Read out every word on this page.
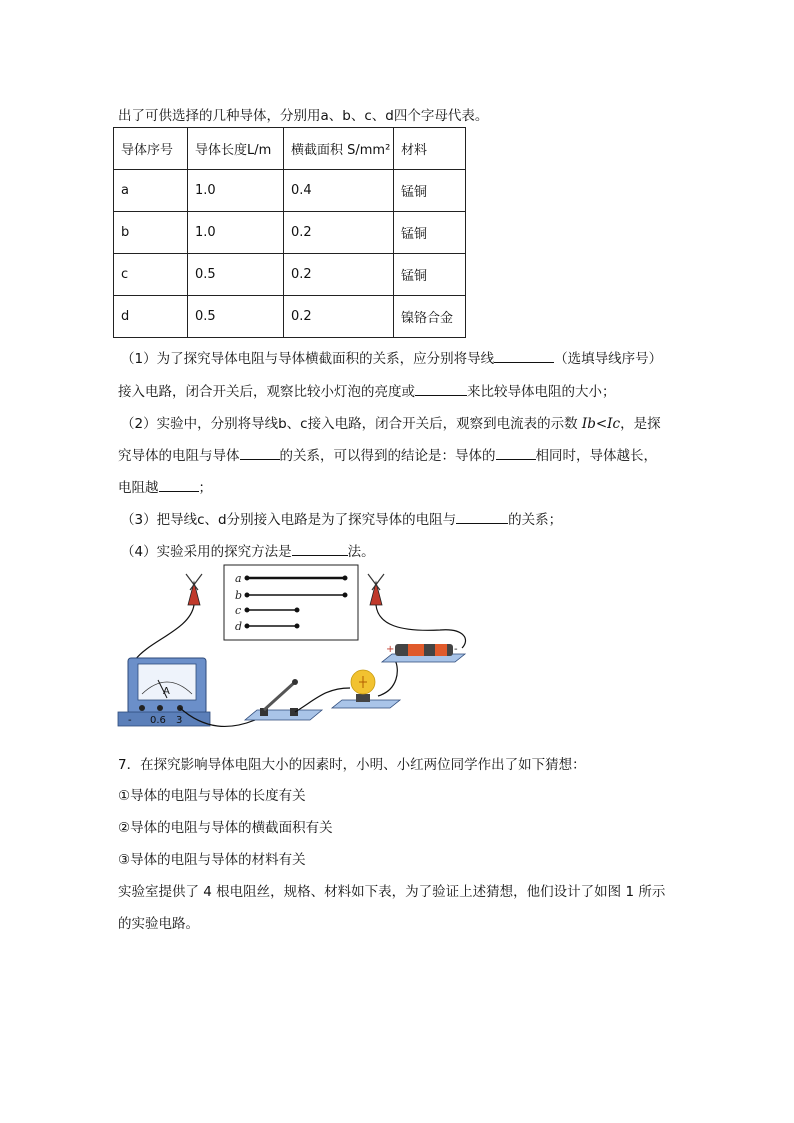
出了可供选择的几种导体，分别用a、b、c、d四个字母代表。
导体序号	导体长度L/m	横截面积 S/mm²	材料
a	1.0	0.4	锰铜
b	1.0	0.2	锰铜
c	0.5	0.2	锰铜
d	0.5	0.2	镍铬合金
（1）为了探究导体电阻与导体横截面积的关系，应分别将导线	（选填导线序号）
接入电路，闭合开关后，观察比较小灯泡的亮度或	来比较导体电阻的大小；
（2）实验中，分别将导线b、c接入电路，闭合开关后，观察到电流表的示数 Ib<Ic，是探
究导体的电阻与导体	的关系，可以得到的结论是：导体的	相同时，导体越长，
电阻越	；
（3）把导线c、d分别接入电路是为了探究导体的电阻与	的关系；
（4）实验采用的探究方法是	法。
a
b
c
d
A
- 0.6 3
+	-
7．在探究影响导体电阻大小的因素时，小明、小红两位同学作出了如下猜想：
①导体的电阻与导体的长度有关
②导体的电阻与导体的横截面积有关
③导体的电阻与导体的材料有关
实验室提供了 4 根电阻丝，规格、材料如下表，为了验证上述猜想，他们设计了如图 1 所示
的实验电路。
